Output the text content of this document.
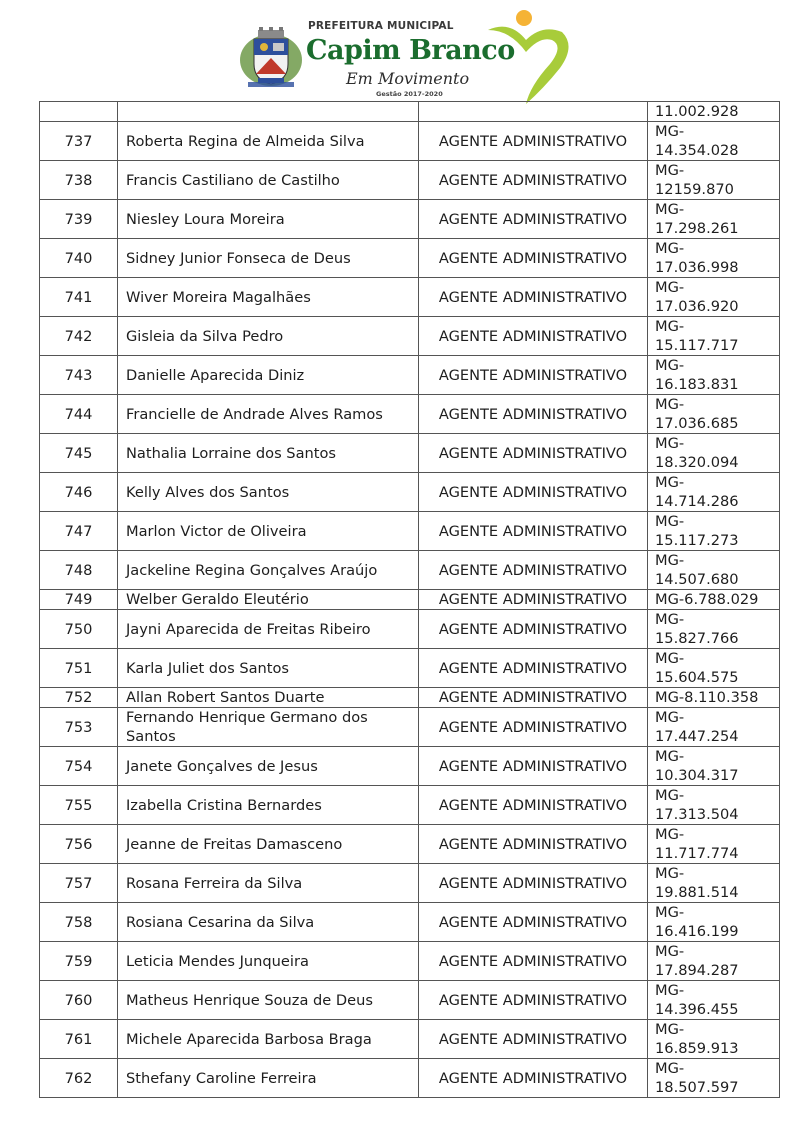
PREFEITURA MUNICIPAL
Capim Branco
Em Movimento
Gestão 2017-2020

			11.002.928

737	Roberta Regina de Almeida Silva	AGENTE ADMINISTRATIVO	MG-
14.354.028

738	Francis Castiliano de Castilho	AGENTE ADMINISTRATIVO	MG-
12159.870

739	Niesley Loura Moreira	AGENTE ADMINISTRATIVO	MG-
17.298.261

740	Sidney Junior Fonseca de Deus	AGENTE ADMINISTRATIVO	MG-
17.036.998

741	Wiver Moreira Magalhães	AGENTE ADMINISTRATIVO	MG-
17.036.920

742	Gisleia da Silva Pedro	AGENTE ADMINISTRATIVO	MG-
15.117.717

743	Danielle Aparecida Diniz	AGENTE ADMINISTRATIVO	MG-
16.183.831

744	Francielle de Andrade Alves Ramos	AGENTE ADMINISTRATIVO	MG-
17.036.685

745	Nathalia Lorraine dos Santos	AGENTE ADMINISTRATIVO	MG-
18.320.094

746	Kelly Alves dos Santos	AGENTE ADMINISTRATIVO	MG-
14.714.286

747	Marlon Victor de Oliveira	AGENTE ADMINISTRATIVO	MG-
15.117.273

748	Jackeline Regina Gonçalves Araújo	AGENTE ADMINISTRATIVO	MG-
14.507.680

749	Welber Geraldo Eleutério	AGENTE ADMINISTRATIVO	MG-6.788.029

750	Jayni Aparecida de Freitas Ribeiro	AGENTE ADMINISTRATIVO	MG-
15.827.766

751	Karla Juliet dos Santos	AGENTE ADMINISTRATIVO	MG-
15.604.575

752	Allan Robert Santos Duarte	AGENTE ADMINISTRATIVO	MG-8.110.358

753	Fernando Henrique Germano dos Santos	AGENTE ADMINISTRATIVO	MG-
17.447.254

754	Janete Gonçalves de Jesus	AGENTE ADMINISTRATIVO	MG-
10.304.317

755	Izabella Cristina Bernardes	AGENTE ADMINISTRATIVO	MG-
17.313.504

756	Jeanne de Freitas Damasceno	AGENTE ADMINISTRATIVO	MG-
11.717.774

757	Rosana Ferreira da Silva	AGENTE ADMINISTRATIVO	MG-
19.881.514

758	Rosiana Cesarina da Silva	AGENTE ADMINISTRATIVO	MG-
16.416.199

759	Leticia Mendes Junqueira	AGENTE ADMINISTRATIVO	MG-
17.894.287

760	Matheus Henrique Souza de Deus	AGENTE ADMINISTRATIVO	MG-
14.396.455

761	Michele Aparecida Barbosa Braga	AGENTE ADMINISTRATIVO	MG-
16.859.913

762	Sthefany Caroline Ferreira	AGENTE ADMINISTRATIVO	MG-
18.507.597
